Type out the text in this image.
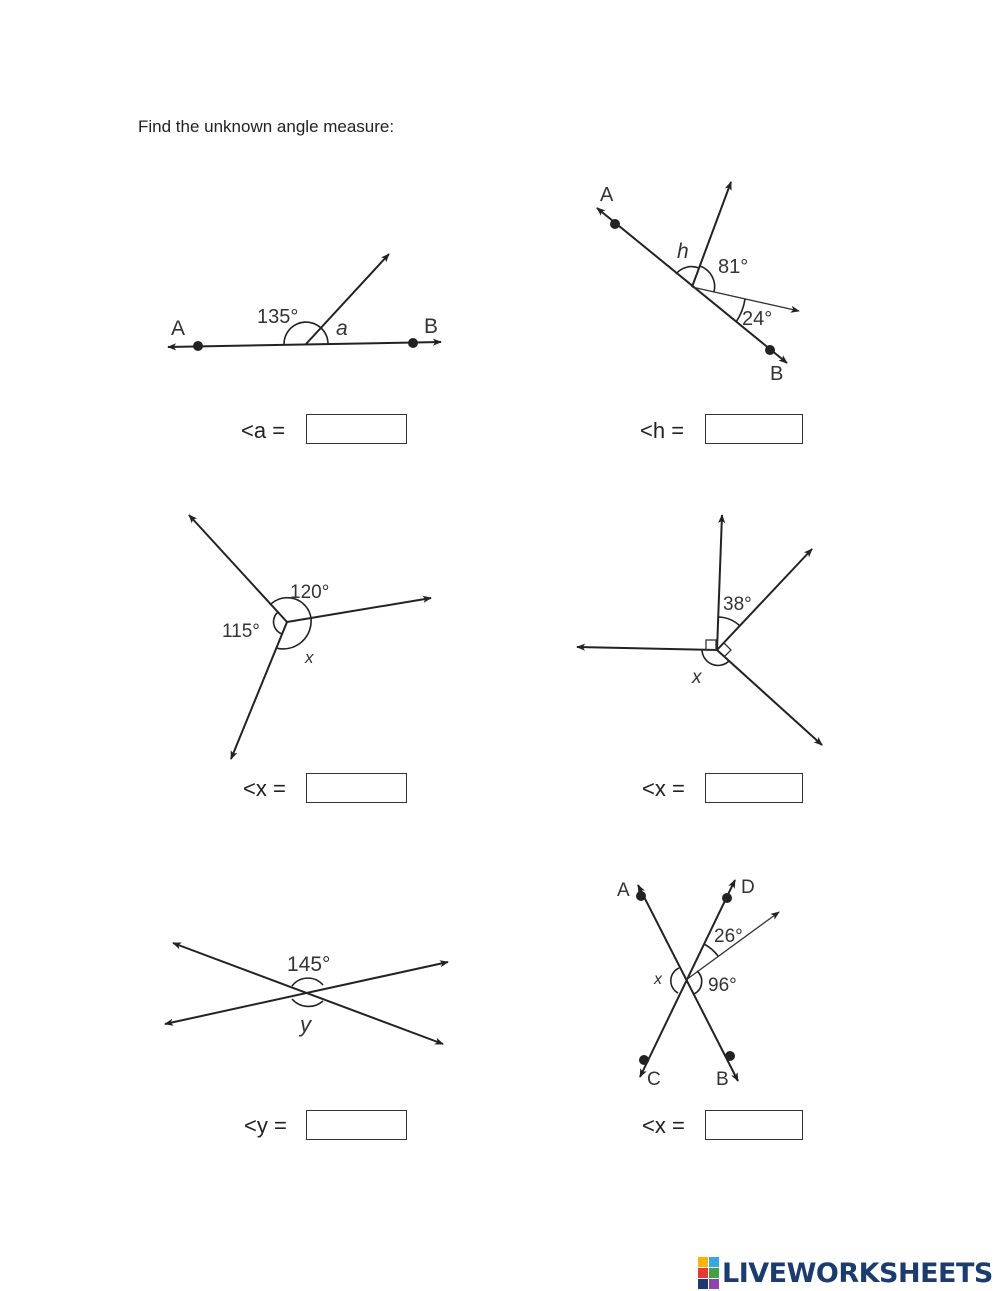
Find the unknown angle measure:
A	B
135° a
A
B
h
81°
24°
120°
115°
x
38°
x
145°
y
A	D
C	B
26°
96°
x
<a =	<h =
<x =	<x =
<y =	<x =
LIVEWORKSHEETS
